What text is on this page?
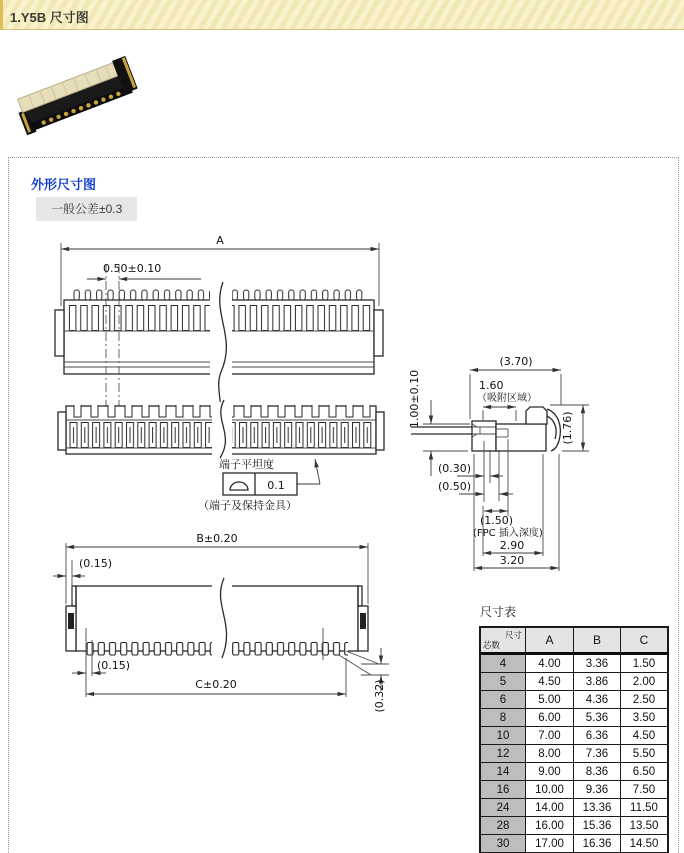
1.Y5B 尺寸图
A
0.50±0.10
端子平坦度
0.1
（端子及保持金具）
(3.70)
1.60
（吸附区域）
1.00±0.10	(1.76)
(0.30)
(0.50)
(1.50)
(FPC 插入深度)
2.90
3.20
B±0.20
(0.15)
(0.15)
C±0.20	(0.32)
外形尺寸图
一般公差±0.3
尺寸表
尺寸
芯数	A	B	C
4	4.00	3.36	1.50
5	4.50	3.86	2.00
6	5.00	4.36	2.50
8	6.00	5.36	3.50
10	7.00	6.36	4.50
12	8.00	7.36	5.50
14	9.00	8.36	6.50
16	10.00	9.36	7.50
24	14.00	13.36	11.50
28	16.00	15.36	13.50
30	17.00	16.36	14.50
